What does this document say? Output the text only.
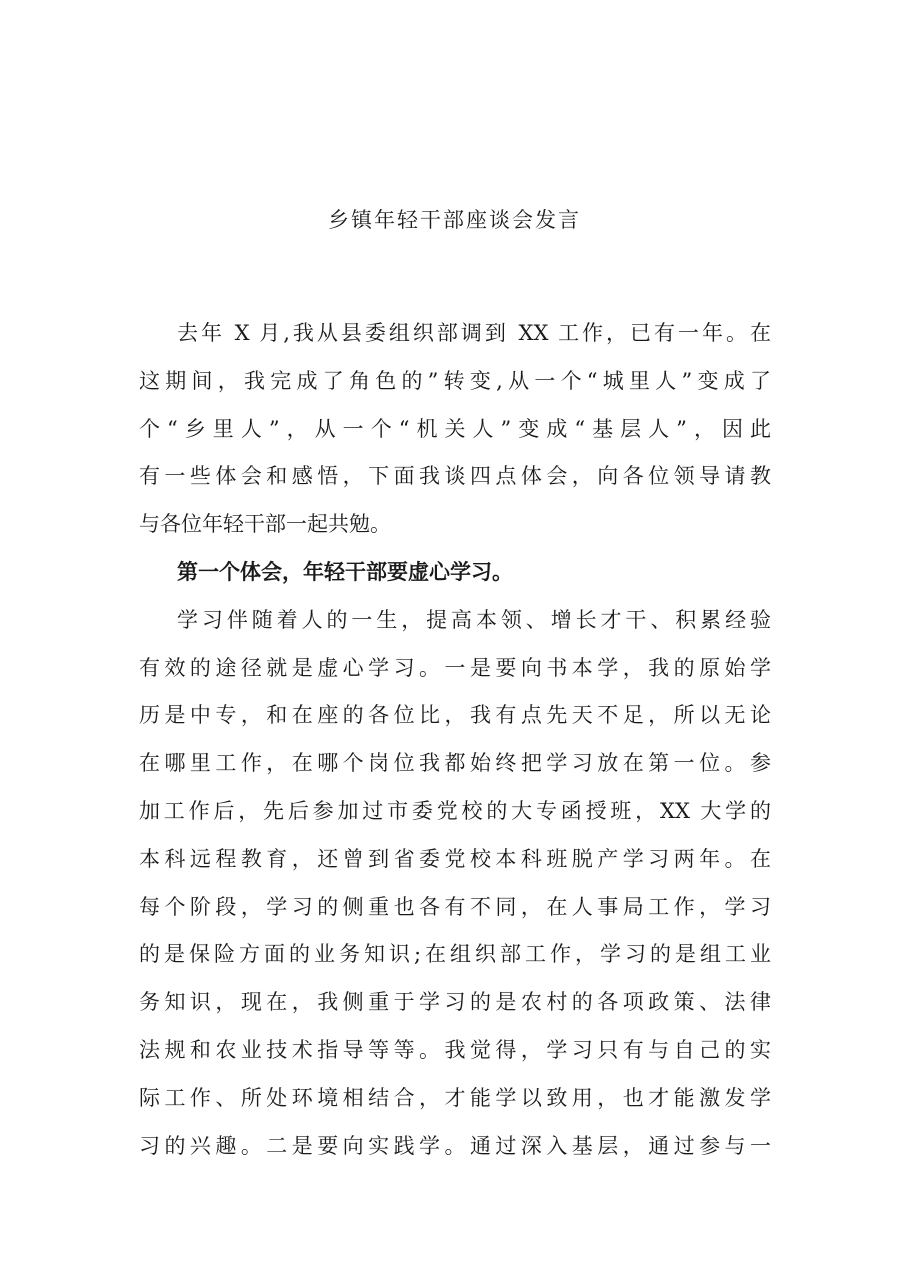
乡镇年轻干部座谈会发言
去年 X 月,我从县委组织部调到 XX 工作，已有一年。在
这期间，我完成了角色的”转变,从一个“城里人”变成了
个“乡里人”，从一个“机关人”变成“基层人”，因此
有一些体会和感悟，下面我谈四点体会，向各位领导请教
与各位年轻干部一起共勉。
第一个体会，年轻干部要虚心学习。
学习伴随着人的一生，提高本领、增长才干、积累经验
有效的途径就是虚心学习。一是要向书本学，我的原始学
历是中专，和在座的各位比，我有点先天不足，所以无论
在哪里工作，在哪个岗位我都始终把学习放在第一位。参
加工作后，先后参加过市委党校的大专函授班，XX 大学的
本科远程教育，还曾到省委党校本科班脱产学习两年。在
每个阶段，学习的侧重也各有不同，在人事局工作，学习
的是保险方面的业务知识;在组织部工作，学习的是组工业
务知识，现在，我侧重于学习的是农村的各项政策、法律
法规和农业技术指导等等。我觉得，学习只有与自己的实
际工作、所处环境相结合，才能学以致用，也才能激发学
习的兴趣。二是要向实践学。通过深入基层，通过参与一
